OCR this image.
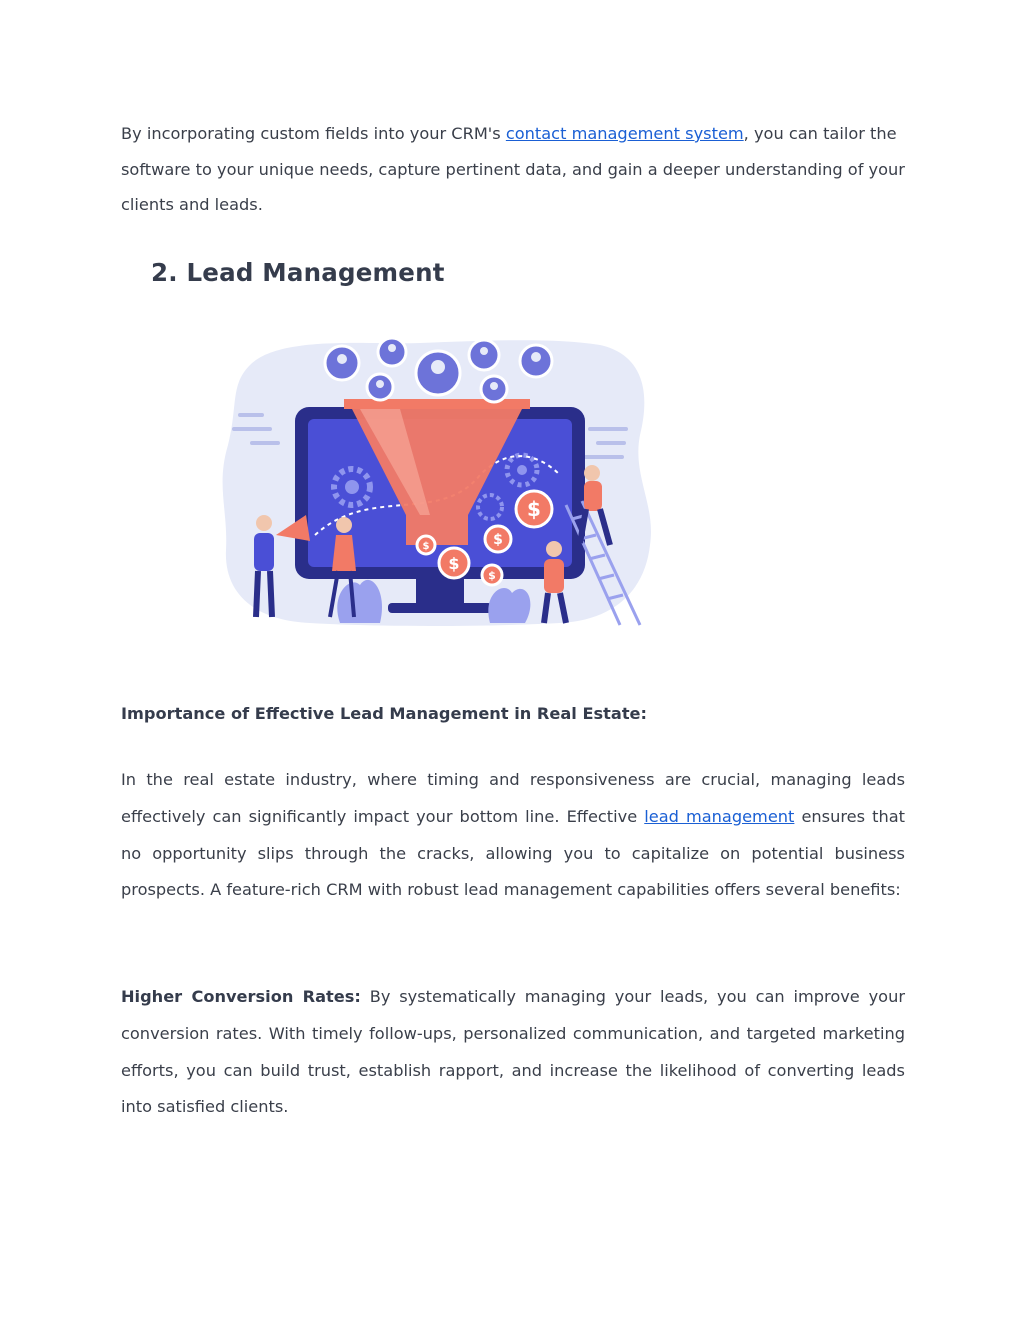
By incorporating custom fields into your CRM's contact management system, you can tailor the software to your unique needs, capture pertinent data, and gain a deeper understanding of your clients and leads.

2. Lead Management
$
$
$
$
$
Importance of Effective Lead Management in Real Estate:

In the real estate industry, where timing and responsiveness are crucial, managing leads effectively can significantly impact your bottom line. Effective lead management ensures that no opportunity slips through the cracks, allowing you to capitalize on potential business prospects. A feature-rich CRM with robust lead management capabilities offers several benefits:

Higher Conversion Rates: By systematically managing your leads, you can improve your conversion rates. With timely follow-ups, personalized communication, and targeted marketing efforts, you can build trust, establish rapport, and increase the likelihood of converting leads into satisfied clients.
